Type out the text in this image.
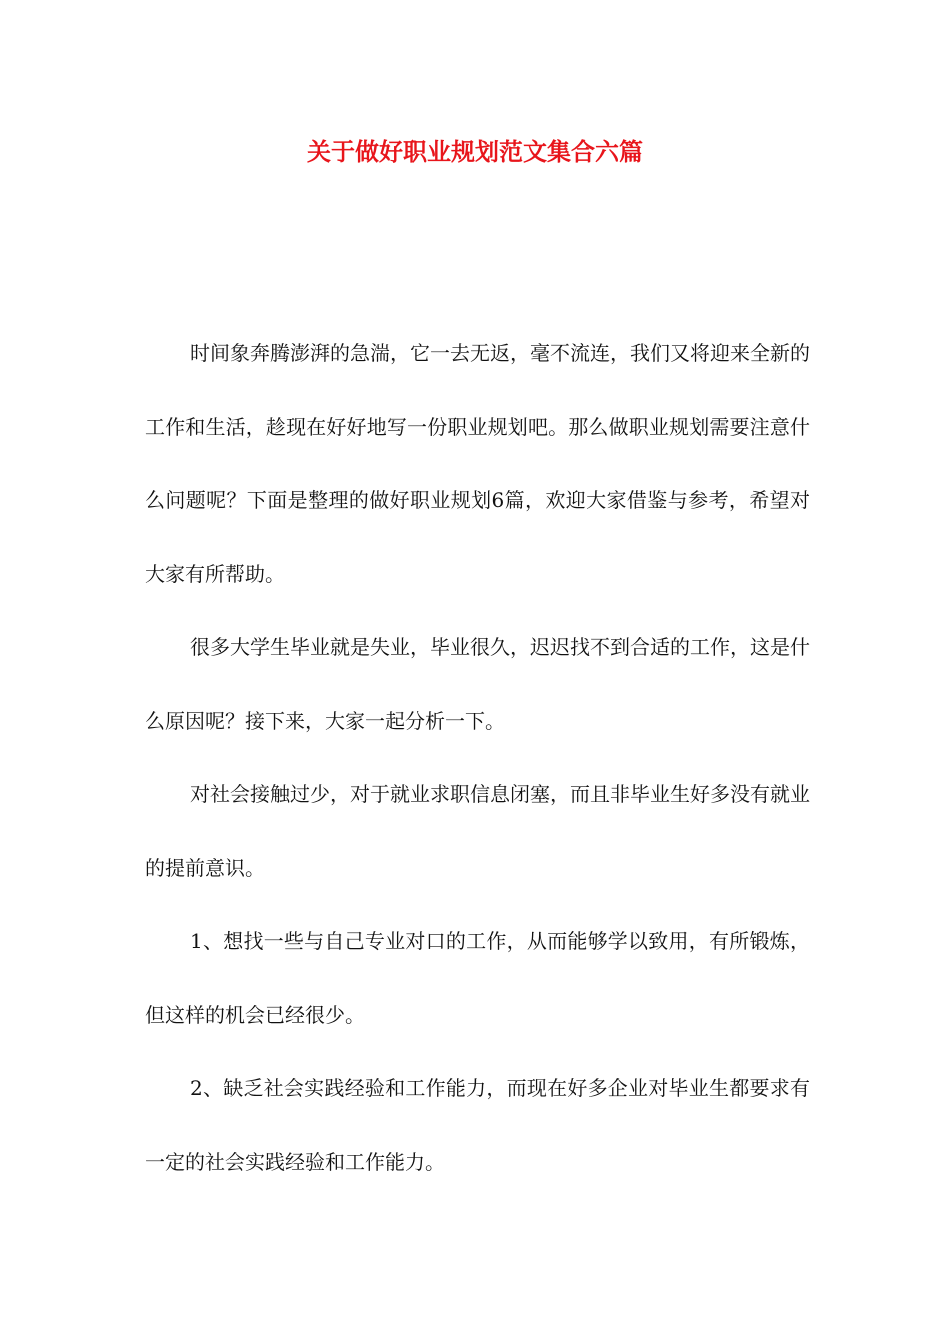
关于做好职业规划范文集合六篇

时间象奔腾澎湃的急湍，它一去无返，毫不流连，我们又将迎来全新的工作和生活，趁现在好好地写一份职业规划吧。那么做职业规划需要注意什么问题呢？下面是整理的做好职业规划6篇，欢迎大家借鉴与参考，希望对大家有所帮助。

很多大学生毕业就是失业，毕业很久，迟迟找不到合适的工作，这是什么原因呢？接下来，大家一起分析一下。

对社会接触过少，对于就业求职信息闭塞，而且非毕业生好多没有就业的提前意识。

1、想找一些与自己专业对口的工作，从而能够学以致用，有所锻炼，但这样的机会已经很少。

2、缺乏社会实践经验和工作能力，而现在好多企业对毕业生都要求有一定的社会实践经验和工作能力。
